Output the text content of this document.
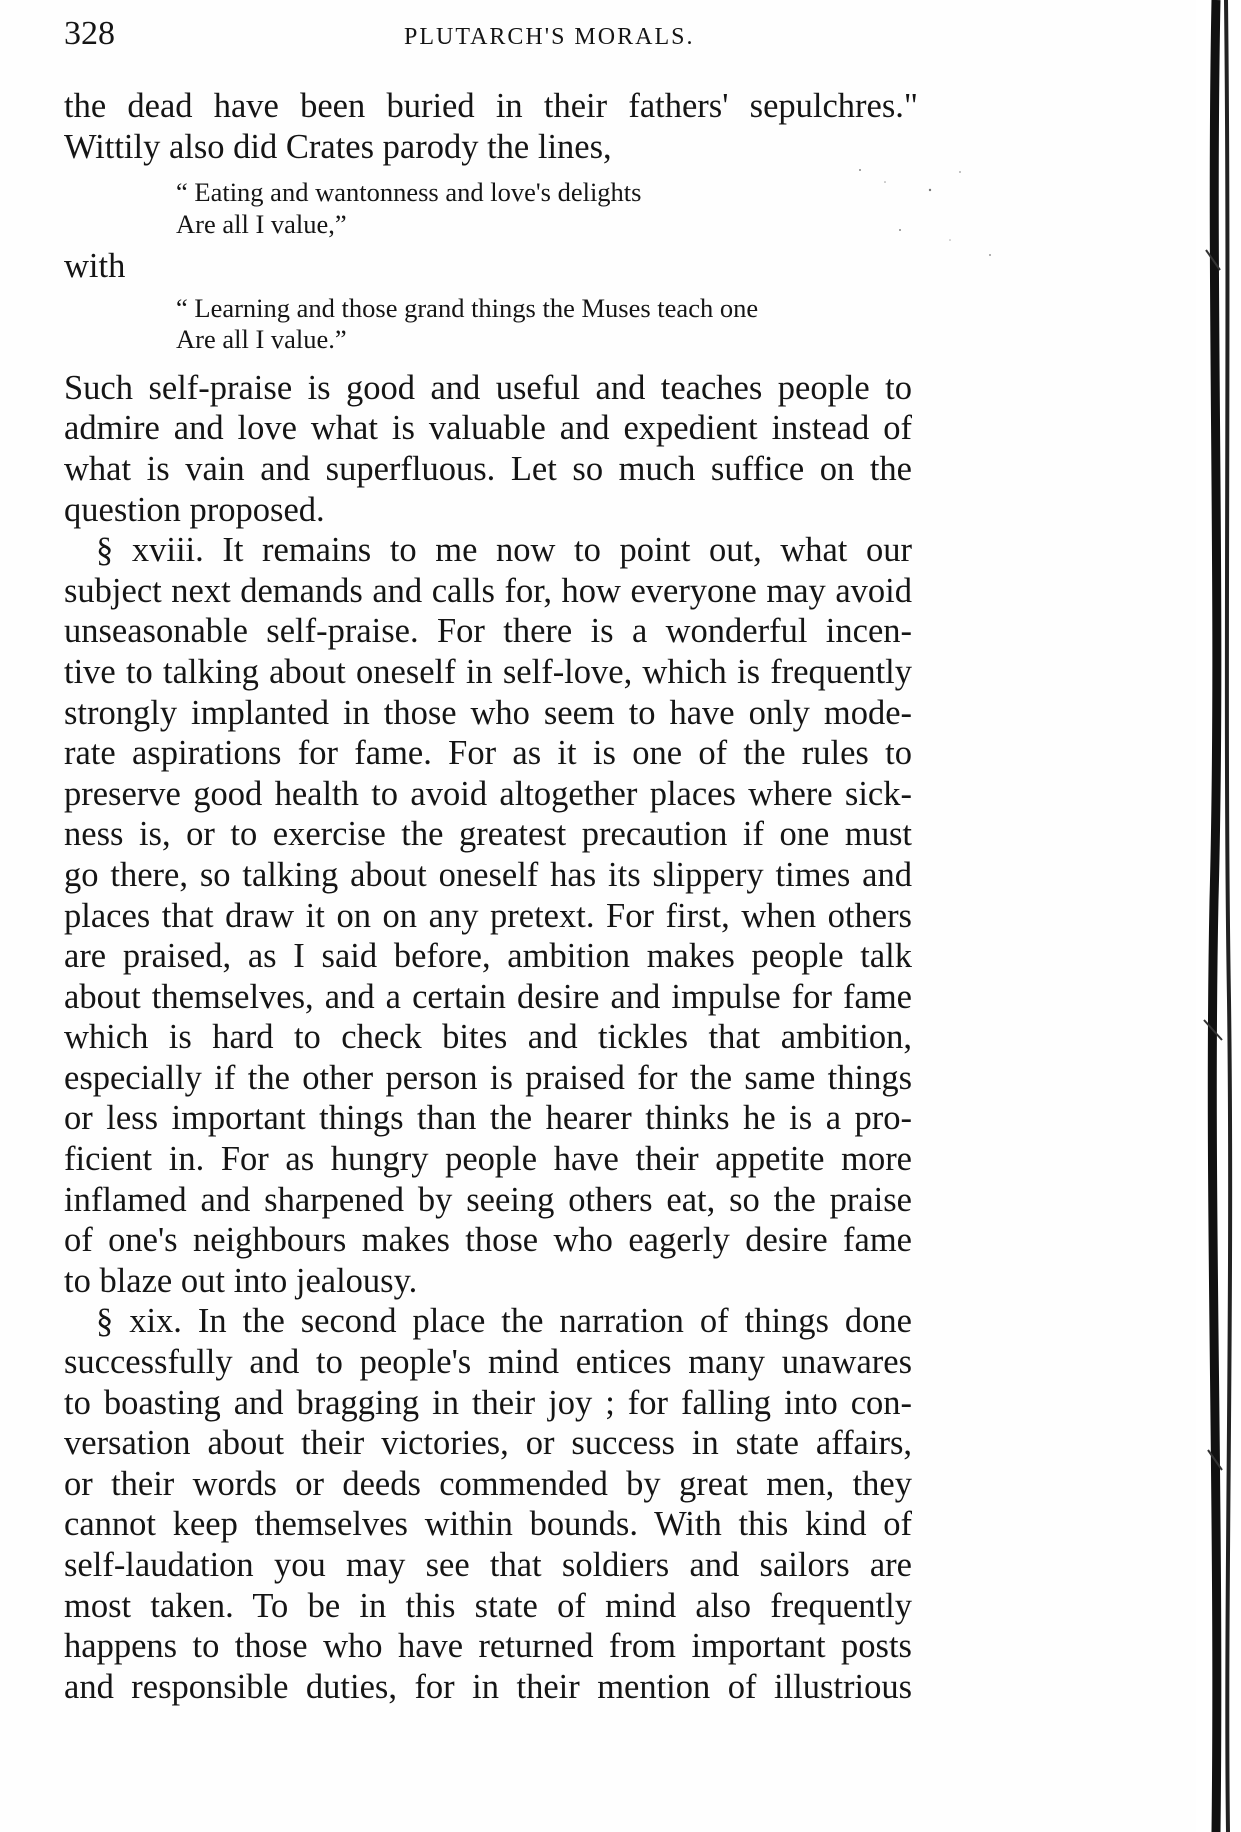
328	PLUTARCH'S MORALS.
the dead have been buried in their fathers' sepulchres."
Wittily also did Crates parody the lines,
“ Eating and wantonness and love's delights
Are all I value,”
with
“ Learning and those grand things the Muses teach one
Are all I value.”
Such self-praise is good and useful and teaches people to
admire and love what is valuable and expedient instead of
what is vain and superfluous. Let so much suffice on the
question proposed.
§ xviii. It remains to me now to point out, what our
subject next demands and calls for, how everyone may avoid
unseasonable self-praise. For there is a wonderful incen-
tive to talking about oneself in self-love, which is frequently
strongly implanted in those who seem to have only mode-
rate aspirations for fame. For as it is one of the rules to
preserve good health to avoid altogether places where sick-
ness is, or to exercise the greatest precaution if one must
go there, so talking about oneself has its slippery times and
places that draw it on on any pretext. For first, when others
are praised, as I said before, ambition makes people talk
about themselves, and a certain desire and impulse for fame
which is hard to check bites and tickles that ambition,
especially if the other person is praised for the same things
or less important things than the hearer thinks he is a pro-
ficient in. For as hungry people have their appetite more
inflamed and sharpened by seeing others eat, so the praise
of one's neighbours makes those who eagerly desire fame
to blaze out into jealousy.
§ xix. In the second place the narration of things done
successfully and to people's mind entices many unawares
to boasting and bragging in their joy ; for falling into con-
versation about their victories, or success in state affairs,
or their words or deeds commended by great men, they
cannot keep themselves within bounds. With this kind of
self-laudation you may see that soldiers and sailors are
most taken. To be in this state of mind also frequently
happens to those who have returned from important posts
and responsible duties, for in their mention of illustrious
